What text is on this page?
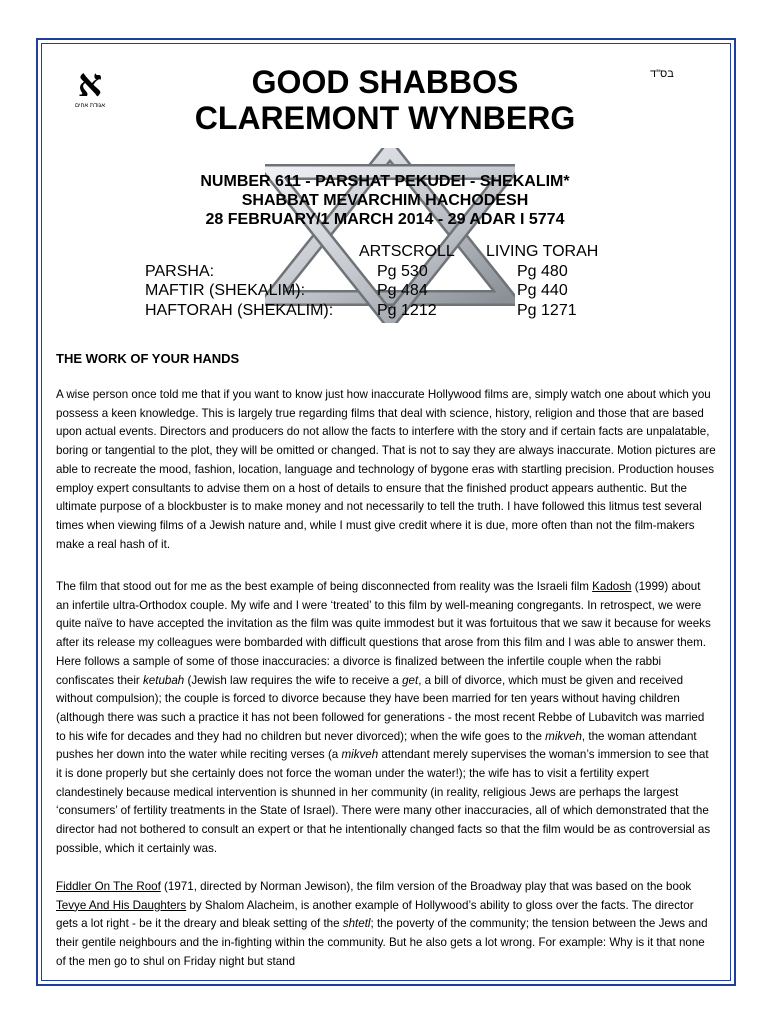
א
אגודת אחים
בס"ד
GOOD SHABBOS
CLAREMONT WYNBERG
NUMBER 611 - PARSHAT PEKUDEI - SHEKALIM*
SHABBAT MEVARCHIM HACHODESH
28 FEBRUARY/1 MARCH 2014 - 29 ADAR I 5774
ARTSCROLL LIVING TORAH
PARSHA:	Pg 530	Pg 480
MAFTIR (SHEKALIM):	Pg 484	Pg 440
HAFTORAH (SHEKALIM):	Pg 1212	Pg 1271
THE WORK OF YOUR HANDS

A wise person once told me that if you want to know just how inaccurate Hollywood films are, simply watch one about which you possess a keen knowledge. This is largely true regarding films that deal with science, history, religion and those that are based upon actual events. Directors and producers do not allow the facts to interfere with the story and if certain facts are unpalatable, boring or tangential to the plot, they will be omitted or changed. That is not to say they are always inaccurate. Motion pictures are able to recreate the mood, fashion, location, language and technology of bygone eras with startling precision. Production houses employ expert consultants to advise them on a host of details to ensure that the finished product appears authentic. But the ultimate purpose of a blockbuster is to make money and not necessarily to tell the truth. I have followed this litmus test several times when viewing films of a Jewish nature and, while I must give credit where it is due, more often than not the film-makers make a real hash of it.

The film that stood out for me as the best example of being disconnected from reality was the Israeli film Kadosh (1999) about an infertile ultra-Orthodox couple. My wife and I were ‘treated’ to this film by well-meaning congregants. In retrospect, we were quite naïve to have accepted the invitation as the film was quite immodest but it was fortuitous that we saw it because for weeks after its release my colleagues were bombarded with difficult questions that arose from this film and I was able to answer them. Here follows a sample of some of those inaccuracies: a divorce is finalized between the infertile couple when the rabbi confiscates their ketubah (Jewish law requires the wife to receive a get, a bill of divorce, which must be given and received without compulsion); the couple is forced to divorce because they have been married for ten years without having children (although there was such a practice it has not been followed for generations - the most recent Rebbe of Lubavitch was married to his wife for decades and they had no children but never divorced); when the wife goes to the mikveh, the woman attendant pushes her down into the water while reciting verses (a mikveh attendant merely supervises the woman’s immersion to see that it is done properly but she certainly does not force the woman under the water!); the wife has to visit a fertility expert clandestinely because medical intervention is shunned in her community (in reality, religious Jews are perhaps the largest ‘consumers’ of fertility treatments in the State of Israel). There were many other inaccuracies, all of which demonstrated that the director had not bothered to consult an expert or that he intentionally changed facts so that the film would be as controversial as possible, which it certainly was.

Fiddler On The Roof (1971, directed by Norman Jewison), the film version of the Broadway play that was based on the book Tevye And His Daughters by Shalom Alacheim, is another example of Hollywood’s ability to gloss over the facts. The director gets a lot right - be it the dreary and bleak setting of the shtetl; the poverty of the community; the tension between the Jews and their gentile neighbours and the in-fighting within the community. But he also gets a lot wrong. For example: Why is it that none of the men go to shul on Friday night but stand
